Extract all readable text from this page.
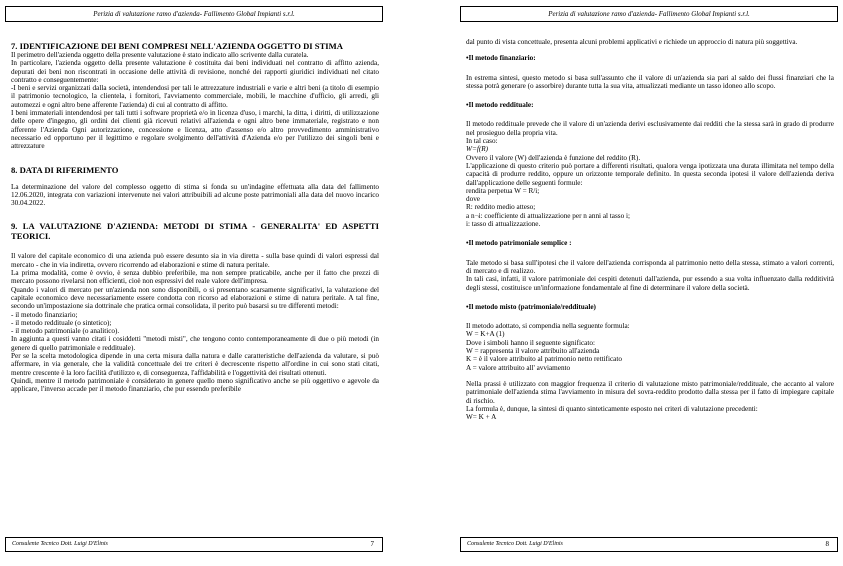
Perizia di valutazione ramo d'azienda- Fallimento Global Impianti s.r.l.

7. IDENTIFICAZIONE DEI BENI COMPRESI NELL'AZIENDA OGGETTO DI STIMA

Il perimetro dell'azienda oggetto della presente valutazione è stato indicato allo scrivente dalla curatela.

In particolare, l'azienda oggetto della presente valutazione è costituita dai beni individuati nel contratto di affitto azienda, depurati dei beni non riscontrati in occasione delle attività di revisione, nonché dei rapporti giuridici individuati nel citato contratto e conseguentemente:

-I beni e servizi organizzati dalla società, intendendosi per tali le attrezzature industriali e varie e altri beni (a titolo di esempio il patrimonio tecnologico, la clientela, i fornitori, l'avviamento commerciale, mobili, le macchine d'ufficio, gli arredi, gli automezzi e ogni altro bene afferente l'azienda) di cui al contratto di affitto.

I beni immateriali intendendosi per tali tutti i software proprietà e/o in licenza d'uso, i marchi, la ditta, i diritti, di utilizzazione delle opere d'ingegno, gli ordini dei clienti già ricevuti relativi all'azienda e ogni altro bene immateriale, registrato e non afferente l'Azienda Ogni autorizzazione, concessione e licenza, atto d'assenso e/o altro provvedimento amministrativo necessario ed opportuno per il legittimo e regolare svolgimento dell'attività d'Azienda e/o per l'utilizzo dei singoli beni e attrezzature

8. DATA DI RIFERIMENTO

La determinazione del valore del complesso oggetto di stima si fonda su un'indagine effettuata alla data del fallimento 12.06.2020, integrata con variazioni intervenute nei valori attribuibili ad alcune poste patrimoniali alla data del nuovo incarico 30.04.2022.

9. LA VALUTAZIONE D'AZIENDA: METODI DI STIMA - GENERALITA' ED ASPETTI TEORICI.

Il valore del capitale economico di una azienda può essere desunto sia in via diretta - sulla base quindi di valori espressi dal mercato - che in via indiretta, ovvero ricorrendo ad elaborazioni e stime di natura peritale.

La prima modalità, come è ovvio, è senza dubbio preferibile, ma non sempre praticabile, anche per il fatto che prezzi di mercato possono rivelarsi non efficienti, cioè non espressivi del reale valore dell'impresa.

Quando i valori di mercato per un'azienda non sono disponibili, o si presentano scarsamente significativi, la valutazione del capitale economico deve necessariamente essere condotta con ricorso ad elaborazioni e stime di natura peritale. A tal fine, secondo un'impostazione sia dottrinale che pratica ormai consolidata, il perito può basarsi su tre differenti metodi:

- il metodo finanziario;

- il metodo reddituale (o sintetico);

- il metodo patrimoniale (o analitico).

In aggiunta a questi vanno citati i cosiddetti "metodi misti", che tengono conto contemporaneamente di due o più metodi (in genere di quello patrimoniale e reddituale).

Per se la scelta metodologica dipende in una certa misura dalla natura e dalle caratteristiche dell'azienda da valutare, si può affermare, in via generale, che la validità concettuale dei tre criteri è decrescente rispetto all'ordine in cui sono stati citati, mentre crescente è la loro facilità d'utilizzo e, di conseguenza, l'affidabilità e l'oggettività dei risultati ottenuti.

Quindi, mentre il metodo patrimoniale è considerato in genere quello meno significativo anche se più oggettivo e agevole da applicare, l'inverso accade per il metodo finanziario, che pur essendo preferibile

Consulente Tecnico Dott. Luigi D'Elinis	7
Perizia di valutazione ramo d'azienda- Fallimento Global Impianti s.r.l.

dal punto di vista concettuale, presenta alcuni problemi applicativi e richiede un approccio di natura più soggettiva.

•Il metodo finanziario:

In estrema sintesi, questo metodo si basa sull'assunto che il valore di un'azienda sia pari al saldo dei flussi finanziari che la stessa potrà generare (o assorbire) durante tutta la sua vita, attualizzati mediante un tasso idoneo allo scopo.

•Il metodo reddituale:

Il metodo reddituale prevede che il valore di un'azienda derivi esclusivamente dai redditi che la stessa sarà in grado di produrre nel prosieguo della propria vita.

In tal caso:

W=f(R)

Ovvero il valore (W) dell'azienda è funzione del reddito (R).

L'applicazione di questo criterio può portare a differenti risultati, qualora venga ipotizzata una durata illimitata nel tempo della capacità di produrre reddito, oppure un orizzonte temporale definito. In questa seconda ipotesi il valore dell'azienda deriva dall'applicazione delle seguenti formule:

rendita perpetua W = R/i;

dove

R: reddito medio atteso;

a n¬i: coefficiente di attualizzazione per n anni al tasso i;

i: tasso di attualizzazione.

•Il metodo patrimoniale semplice :

Tale metodo si basa sull'ipotesi che il valore dell'azienda corrisponda al patrimonio netto della stessa, stimato a valori correnti, di mercato e di realizzo.

In tali casi, infatti, il valore patrimoniale dei cespiti detenuti dall'azienda, pur essendo a sua volta influenzato dalla redditività degli stessi, costituisce un'informazione fondamentale al fine di determinare il valore della società.

•Il metodo misto (patrimoniale/reddituale)

Il metodo adottato, si compendia nella seguente formula:

W = K+A (1)

Dove i simboli hanno il seguente significato:

W = rappresenta il valore attribuito all'azienda

K = è il valore attribuito al patrimonio netto rettificato

A = valore attribuito all' avviamento

Nella prassi è utilizzato con maggior frequenza il criterio di valutazione misto patrimoniale/reddituale, che accanto al valore patrimoniale dell'azienda stima l'avviamento in misura del sovra-reddito prodotto dalla stessa per il fatto di impiegare capitale di rischio.

La formula è, dunque, la sintesi di quanto sinteticamente esposto nei criteri di valutazione precedenti:

W= K + A

Consulente Tecnico Dott. Luigi D'Elinis	8
